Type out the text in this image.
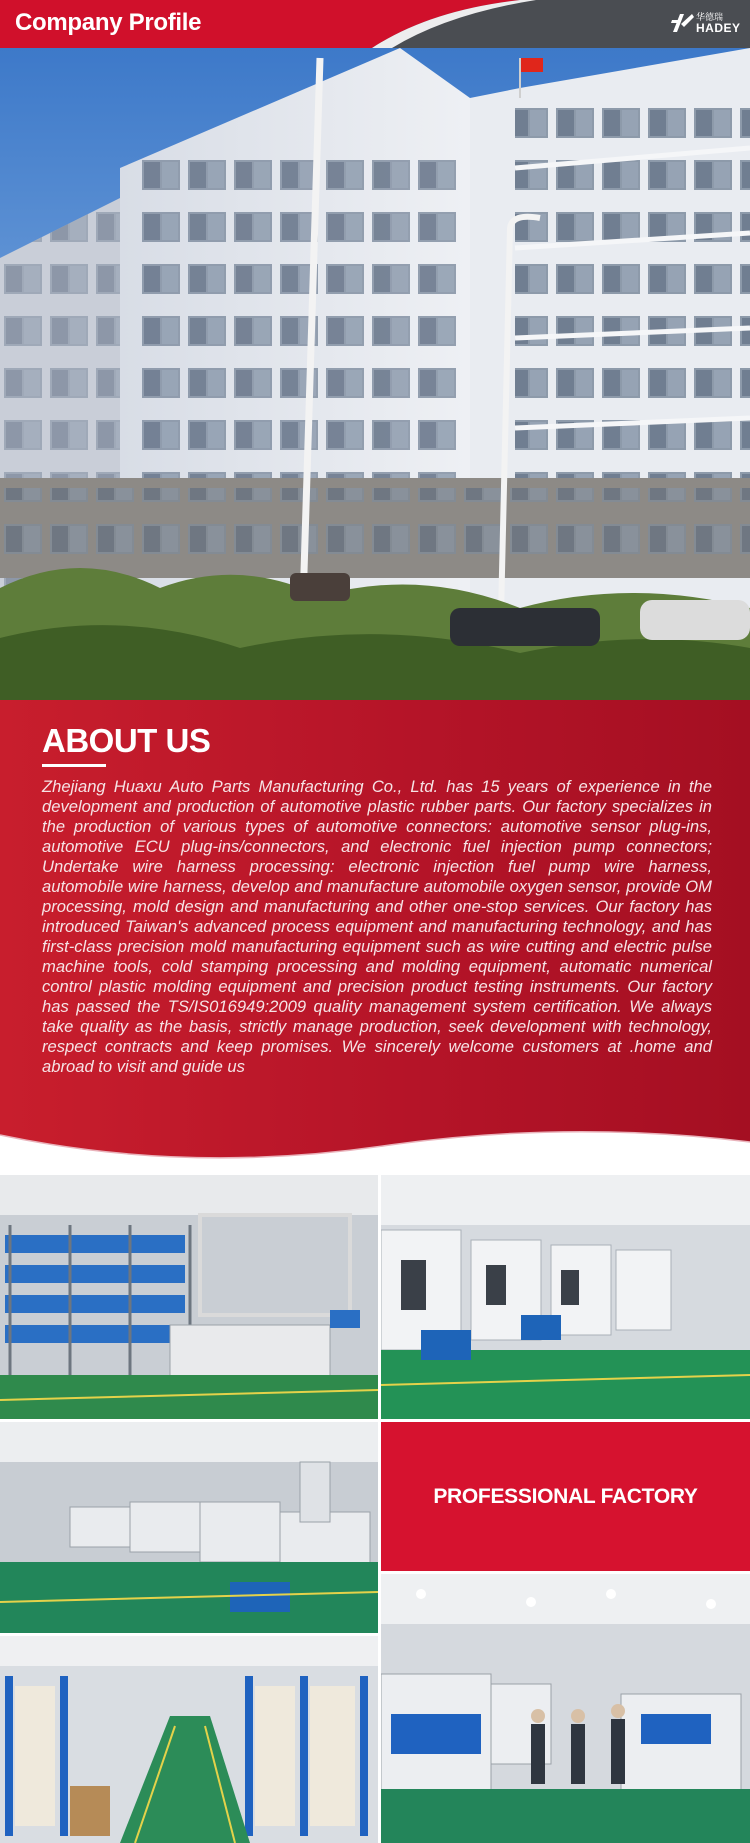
Company Profile	华德瑞
HADEY
ABOUT US

Zhejiang Huaxu Auto Parts Manufacturing Co., Ltd. has 15 years of experience in the development and production of automotive plastic rubber parts. Our factory specializes in the production of various types of automotive connectors: automotive sensor plug-ins, automotive ECU plug-ins/connectors, and electronic fuel injection pump connectors; Undertake wire harness processing: electronic injection fuel pump wire harness, automobile wire harness, develop and manufacture automobile oxygen sensor, provide OM processing, mold design and manufacturing and other one-stop services. Our factory has introduced Taiwan's advanced process equipment and manufacturing technology, and has first-class precision mold manufacturing equipment such as wire cutting and electric pulse machine tools, cold stamping processing and molding equipment, automatic numerical control plastic molding equipment and precision product testing instruments. Our factory has passed the TS/IS016949:2009 quality management system certification. We always take quality as the basis, strictly manage production, seek development with technology, respect contracts and keep promises. We sincerely welcome customers at .home and abroad to visit and guide us

PROFESSIONAL FACTORY
